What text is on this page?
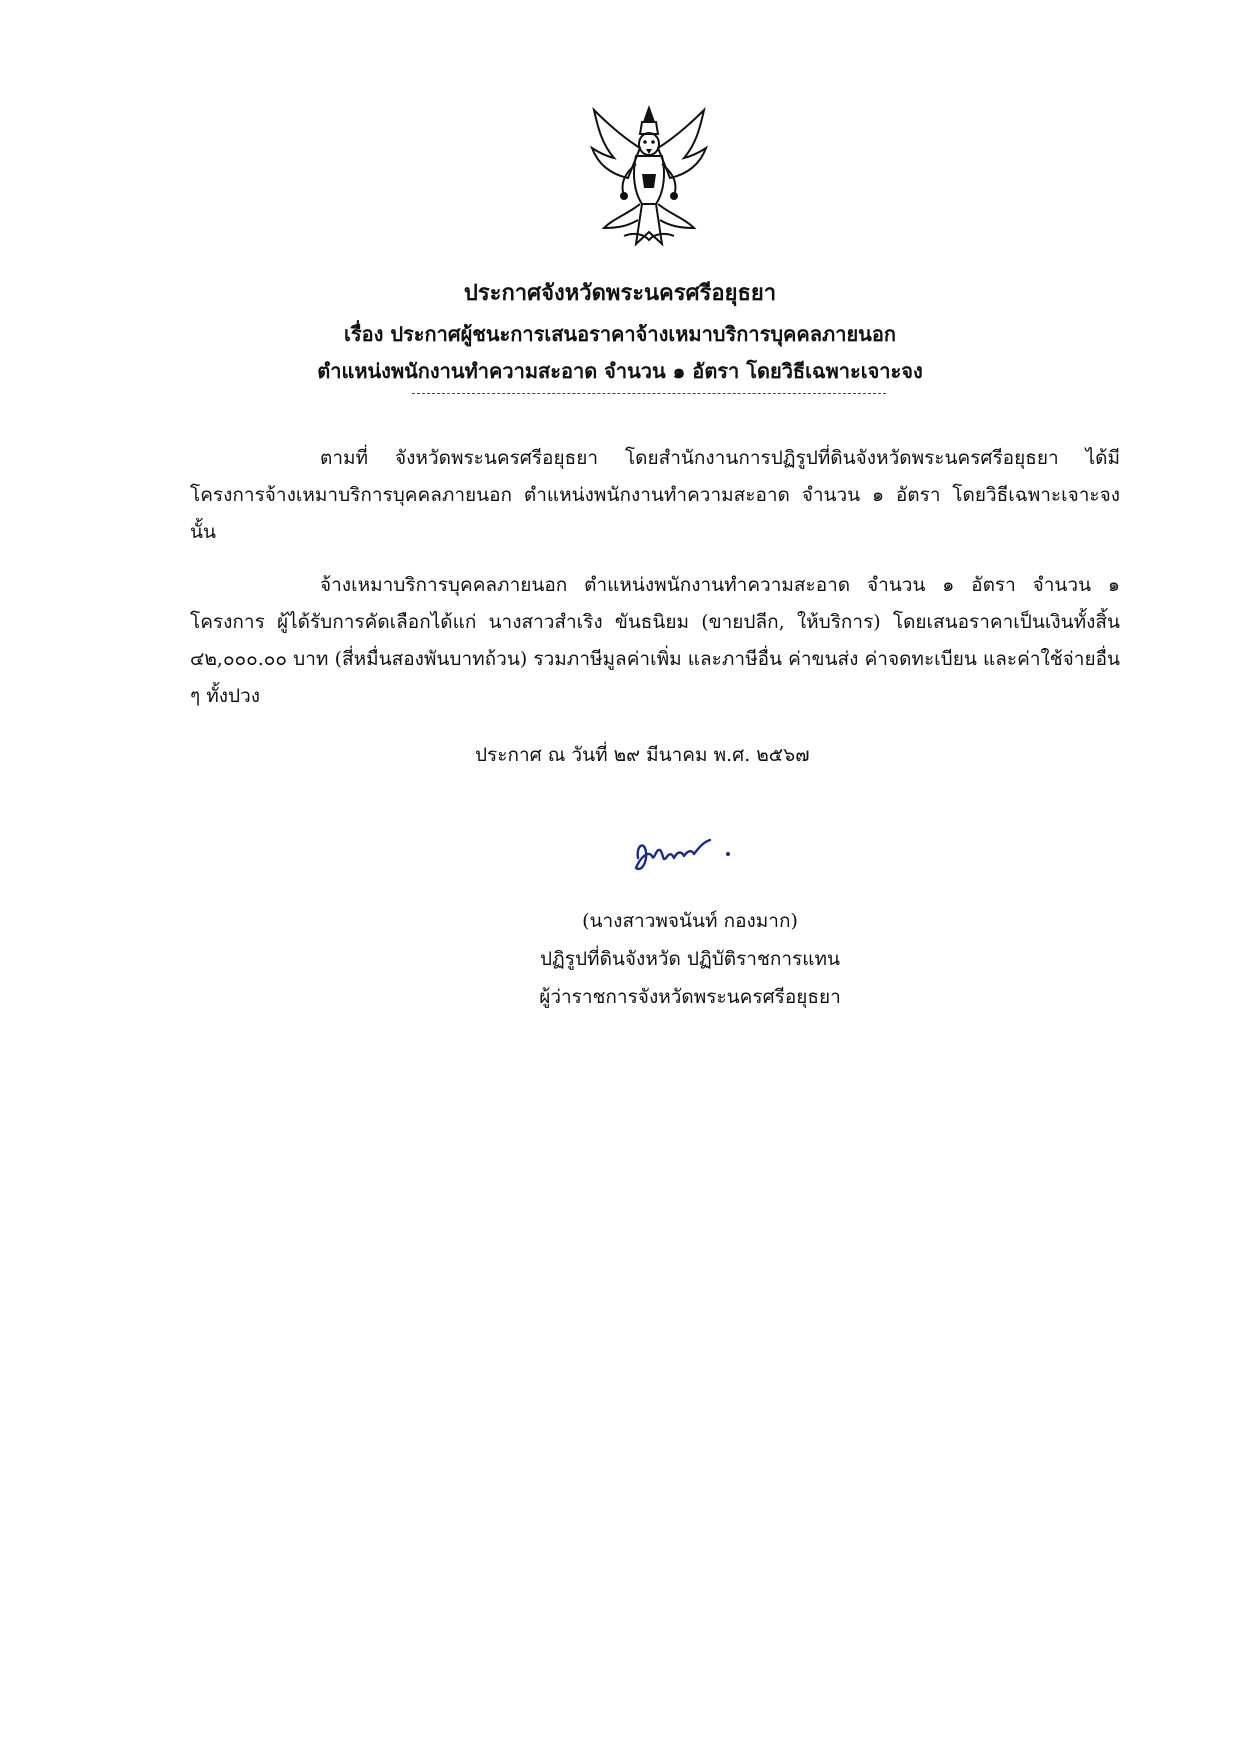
ประกาศจังหวัดพระนครศรีอยุธยา
เรื่อง ประกาศผู้ชนะการเสนอราคาจ้างเหมาบริการบุคคลภายนอก
ตำแหน่งพนักงานทำความสะอาด จำนวน ๑ อัตรา โดยวิธีเฉพาะเจาะจง

ตามที่ จังหวัดพระนครศรีอยุธยา โดยสำนักงานการปฏิรูปที่ดินจังหวัดพระนครศรีอยุธยา ได้มีโครงการจ้างเหมาบริการบุคคลภายนอก ตำแหน่งพนักงานทำความสะอาด จำนวน ๑ อัตรา โดยวิธีเฉพาะเจาะจง นั้น

จ้างเหมาบริการบุคคลภายนอก ตำแหน่งพนักงานทำความสะอาด จำนวน ๑ อัตรา จำนวน ๑ โครงการ ผู้ได้รับการคัดเลือกได้แก่ นางสาวสำเริง ขันธนิยม (ขายปลีก, ให้บริการ) โดยเสนอราคาเป็นเงินทั้งสิ้น ๔๒,๐๐๐.๐๐ บาท (สี่หมื่นสองพันบาทถ้วน) รวมภาษีมูลค่าเพิ่ม และภาษีอื่น ค่าขนส่ง ค่าจดทะเบียน และค่าใช้จ่ายอื่น ๆ ทั้งปวง

ประกาศ ณ วันที่ ๒๙ มีนาคม พ.ศ. ๒๕๖๗
(นางสาวพจนันท์ กองมาก)
ปฏิรูปที่ดินจังหวัด ปฏิบัติราชการแทน
ผู้ว่าราชการจังหวัดพระนครศรีอยุธยา
